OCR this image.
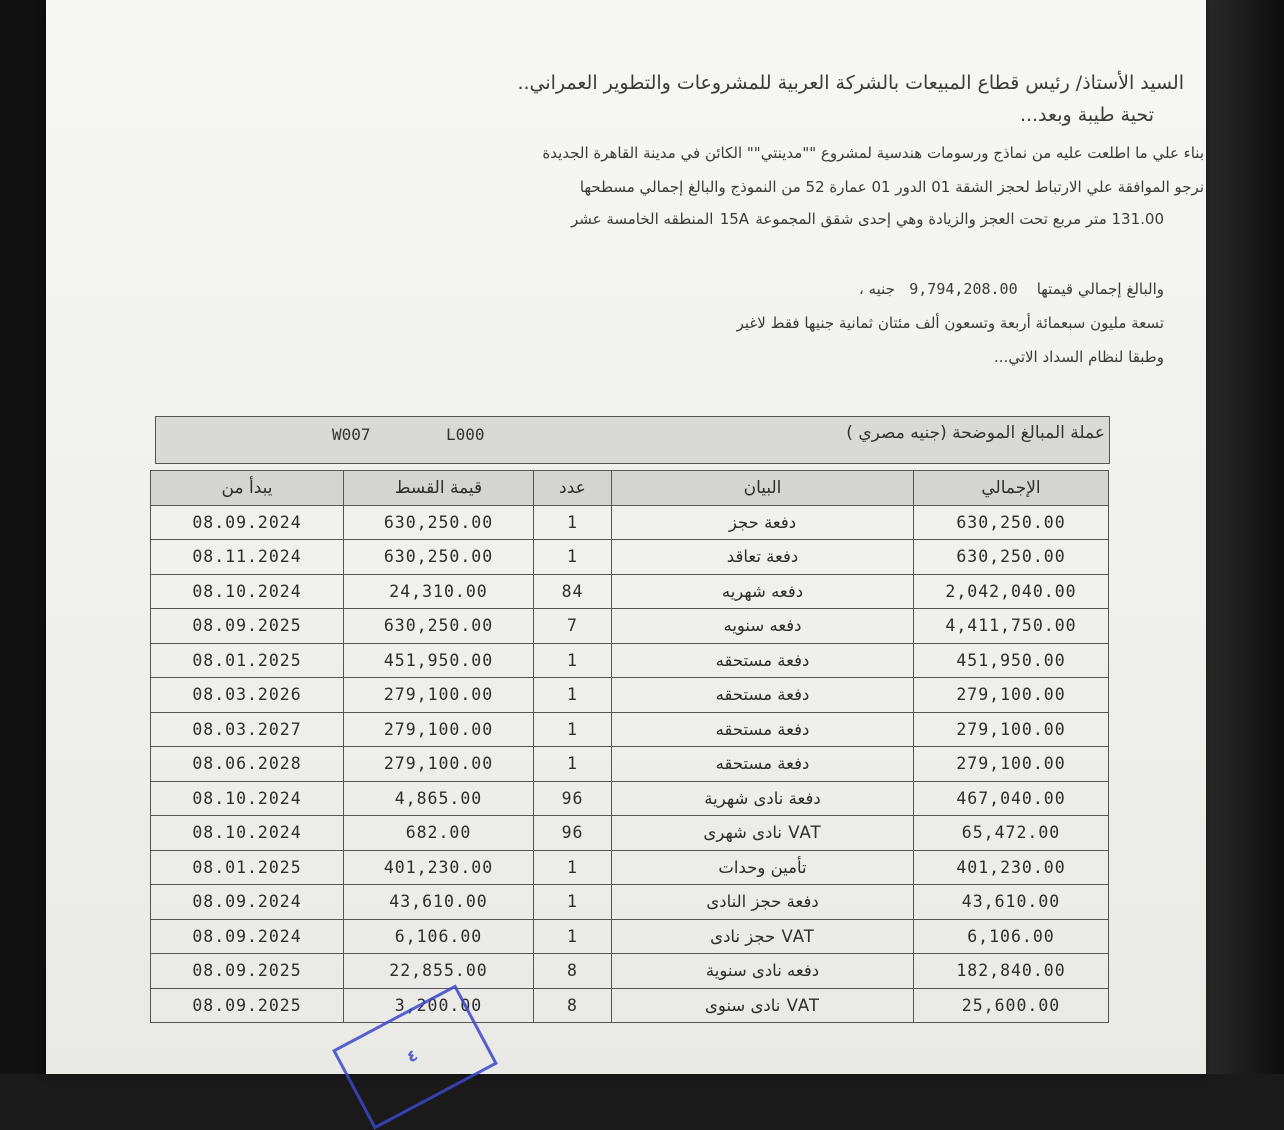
السيد الأستاذ/ رئيس قطاع المبيعات بالشركة العربية للمشروعات والتطوير العمراني..
تحية طيبة وبعد...
بناء علي ما اطلعت عليه من نماذج ورسومات هندسية لمشروع ""مدينتي"" الكائن في مدينة القاهرة الجديدة
نرجو الموافقة علي الارتباط لحجز الشقة 01 الدور 01 عمارة 52 من النموذج والبالغ إجمالي مسطحها
131.00 متر مربع تحت العجز والزيادة وهي إحدى شقق المجموعة 15A المنطقه الخامسة عشر
والبالغ إجمالي قيمتها    9,794,208.00   جنيه ،
تسعة مليون سبعمائة أربعة وتسعون ألف مئتان ثمانية جنيها فقط لاغير
وطبقا لنظام السداد الاتي...
عملة المبالغ الموضحة (جنيه مصري )
W007	L000
يبدأ من	قيمة القسط	عدد	البيان	الإجمالي
08.09.2024	630,250.00	1	دفعة حجز	630,250.00
08.11.2024	630,250.00	1	دفعة تعاقد	630,250.00
08.10.2024	24,310.00	84	دفعه شهريه	2,042,040.00
08.09.2025	630,250.00	7	دفعه سنويه	4,411,750.00
08.01.2025	451,950.00	1	دفعة مستحقه	451,950.00
08.03.2026	279,100.00	1	دفعة مستحقه	279,100.00
08.03.2027	279,100.00	1	دفعة مستحقه	279,100.00
08.06.2028	279,100.00	1	دفعة مستحقه	279,100.00
08.10.2024	4,865.00	96	دفعة نادى شهرية	467,040.00
08.10.2024	682.00	96	VAT نادى شهرى	65,472.00
08.01.2025	401,230.00	1	تأمين وحدات	401,230.00
08.09.2024	43,610.00	1	دفعة حجز النادى	43,610.00
08.09.2024	6,106.00	1	VAT حجز نادى	6,106.00
08.09.2025	22,855.00	8	دفعه نادى سنوية	182,840.00
08.09.2025	3,200.00	8	VAT نادى سنوى	25,600.00
٤
